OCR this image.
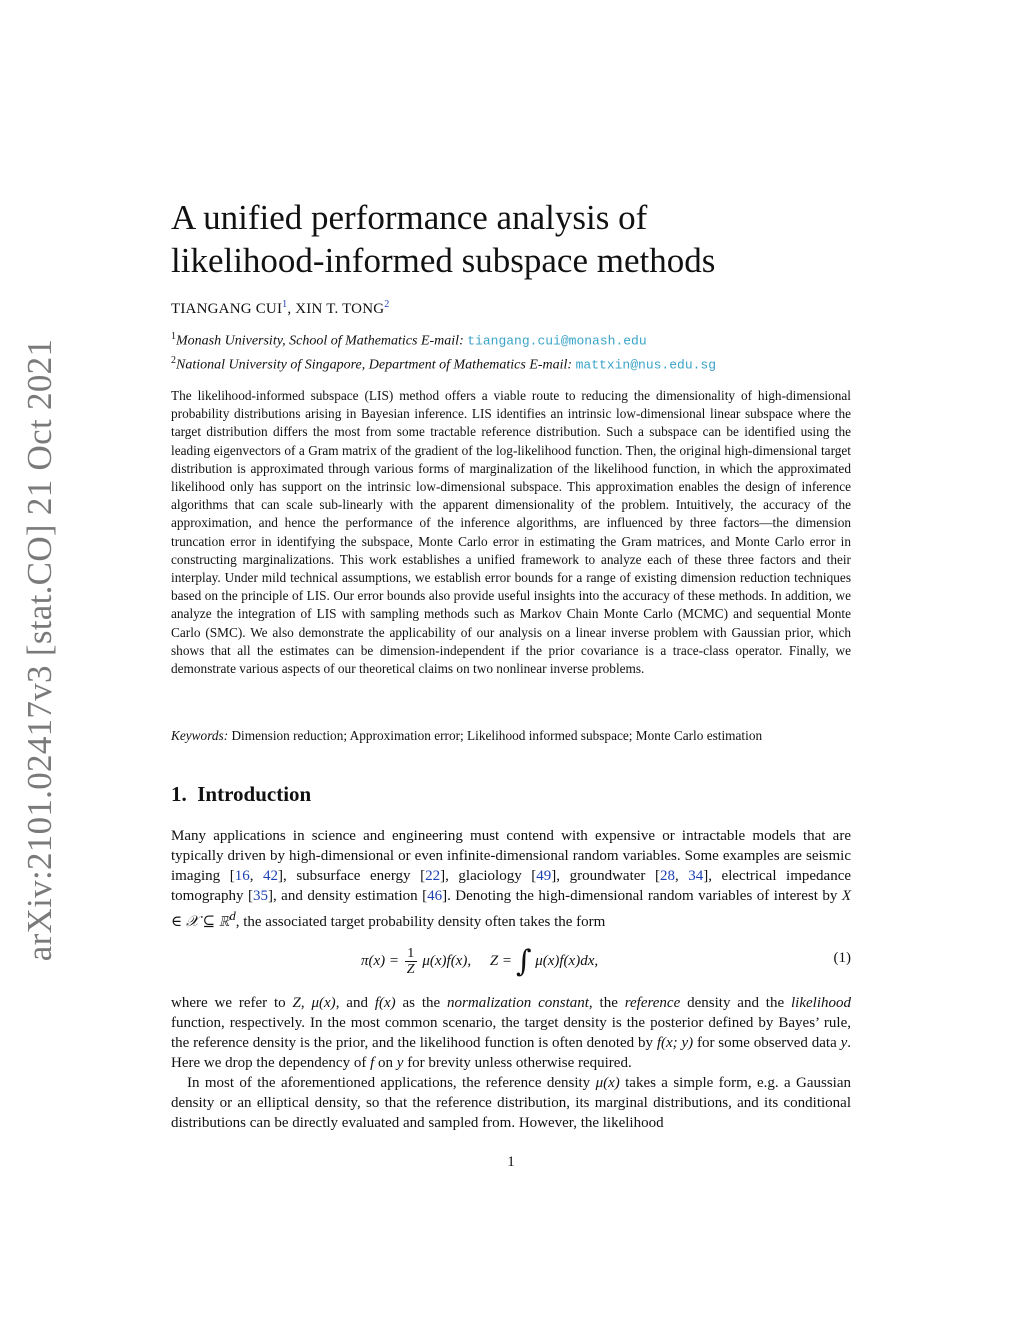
arXiv:2101.02417v3 [stat.CO] 21 Oct 2021
A unified performance analysis of
likelihood-informed subspace methods
TIANGANG CUI$^1$, XIN T. TONG$^2$
$^1$Monash University, School of Mathematics E-mail: tiangang.cui@monash.edu
$^2$National University of Singapore, Department of Mathematics E-mail: mattxin@nus.edu.sg

The likelihood-informed subspace (LIS) method offers a viable route to reducing the dimensionality of high-dimensional probability distributions arising in Bayesian inference. LIS identifies an intrinsic low-dimensional linear subspace where the target distribution differs the most from some tractable reference distribution. Such a subspace can be identified using the leading eigenvectors of a Gram matrix of the gradient of the log-likelihood function. Then, the original high-dimensional target distribution is approximated through various forms of marginalization of the likelihood function, in which the approximated likelihood only has support on the intrinsic low-dimensional subspace. This approximation enables the design of inference algorithms that can scale sub-linearly with the apparent dimensionality of the problem. Intuitively, the accuracy of the approximation, and hence the performance of the inference algorithms, are influenced by three factors—the dimension truncation error in identifying the subspace, Monte Carlo error in estimating the Gram matrices, and Monte Carlo error in constructing marginalizations. This work establishes a unified framework to analyze each of these three factors and their interplay. Under mild technical assumptions, we establish error bounds for a range of existing dimension reduction techniques based on the principle of LIS. Our error bounds also provide useful insights into the accuracy of these methods. In addition, we analyze the integration of LIS with sampling methods such as Markov Chain Monte Carlo (MCMC) and sequential Monte Carlo (SMC). We also demonstrate the applicability of our analysis on a linear inverse problem with Gaussian prior, which shows that all the estimates can be dimension-independent if the prior covariance is a trace-class operator. Finally, we demonstrate various aspects of our theoretical claims on two nonlinear inverse problems.

Keywords: Dimension reduction; Approximation error; Likelihood informed subspace; Monte Carlo estimation
1. Introduction

Many applications in science and engineering must contend with expensive or intractable models that are typically driven by high-dimensional or even infinite-dimensional random variables. Some examples are seismic imaging [16, 42], subsurface energy [22], glaciology [49], groundwater [28, 34], electrical impedance tomography [35], and density estimation [46]. Denoting the high-dimensional random variables of interest by X ∈ 𝒳 ⊆ ℝ$^d$, the associated target probability density often takes the form

$\pi(x) = \frac{1}{Z} \mu(x)f(x)$,     Z = ∫ μ(x)f(x)dx,	(1)

where we refer to Z, μ(x), and f(x) as the normalization constant, the reference density and the likelihood function, respectively. In the most common scenario, the target density is the posterior defined by Bayes’ rule, the reference density is the prior, and the likelihood function is often denoted by f(x; y) for some observed data y. Here we drop the dependency of f on y for brevity unless otherwise required.

In most of the aforementioned applications, the reference density μ(x) takes a simple form, e.g. a Gaussian density or an elliptical density, so that the reference distribution, its marginal distributions, and its conditional distributions can be directly evaluated and sampled from. However, the likelihood

1
